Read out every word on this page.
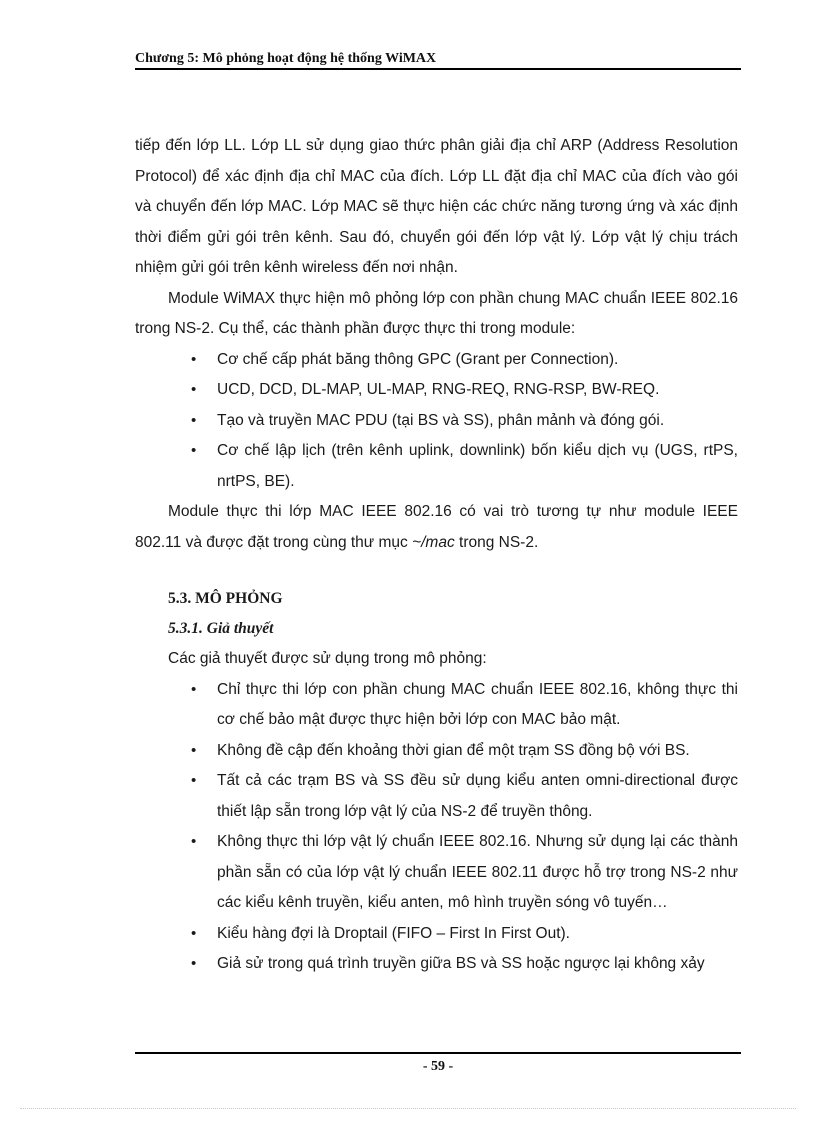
Chương 5: Mô phỏng hoạt động hệ thống WiMAX

tiếp đến lớp LL. Lớp LL sử dụng giao thức phân giải địa chỉ ARP (Address Resolution Protocol) để xác định địa chỉ MAC của đích. Lớp LL đặt địa chỉ MAC của đích vào gói và chuyển đến lớp MAC. Lớp MAC sẽ thực hiện các chức năng tương ứng và xác định thời điểm gửi gói trên kênh. Sau đó, chuyển gói đến lớp vật lý. Lớp vật lý chịu trách nhiệm gửi gói trên kênh wireless đến nơi nhận.

Module WiMAX thực hiện mô phỏng lớp con phần chung MAC chuẩn IEEE 802.16 trong NS-2. Cụ thể, các thành phần được thực thi trong module:

• Cơ chế cấp phát băng thông GPC (Grant per Connection).
• UCD, DCD, DL-MAP, UL-MAP, RNG-REQ, RNG-RSP, BW-REQ.
• Tạo và truyền MAC PDU (tại BS và SS), phân mảnh và đóng gói.
• Cơ chế lập lịch (trên kênh uplink, downlink) bốn kiểu dịch vụ (UGS, rtPS, nrtPS, BE).

Module thực thi lớp MAC IEEE 802.16 có vai trò tương tự như module IEEE 802.11 và được đặt trong cùng thư mục ~/mac trong NS-2.

5.3. MÔ PHỎNG
5.3.1. Giả thuyết

Các giả thuyết được sử dụng trong mô phỏng:

• Chỉ thực thi lớp con phần chung MAC chuẩn IEEE 802.16, không thực thi cơ chế bảo mật được thực hiện bởi lớp con MAC bảo mật.
• Không đề cập đến khoảng thời gian để một trạm SS đồng bộ với BS.
• Tất cả các trạm BS và SS đều sử dụng kiểu anten omni-directional được thiết lập sẵn trong lớp vật lý của NS-2 để truyền thông.
• Không thực thi lớp vật lý chuẩn IEEE 802.16. Nhưng sử dụng lại các thành phần sẵn có của lớp vật lý chuẩn IEEE 802.11 được hỗ trợ trong NS-2 như các kiểu kênh truyền, kiểu anten, mô hình truyền sóng vô tuyến…
• Kiểu hàng đợi là Droptail (FIFO – First In First Out).
• Giả sử trong quá trình truyền giữa BS và SS hoặc ngược lại không xảy
- 59 -
